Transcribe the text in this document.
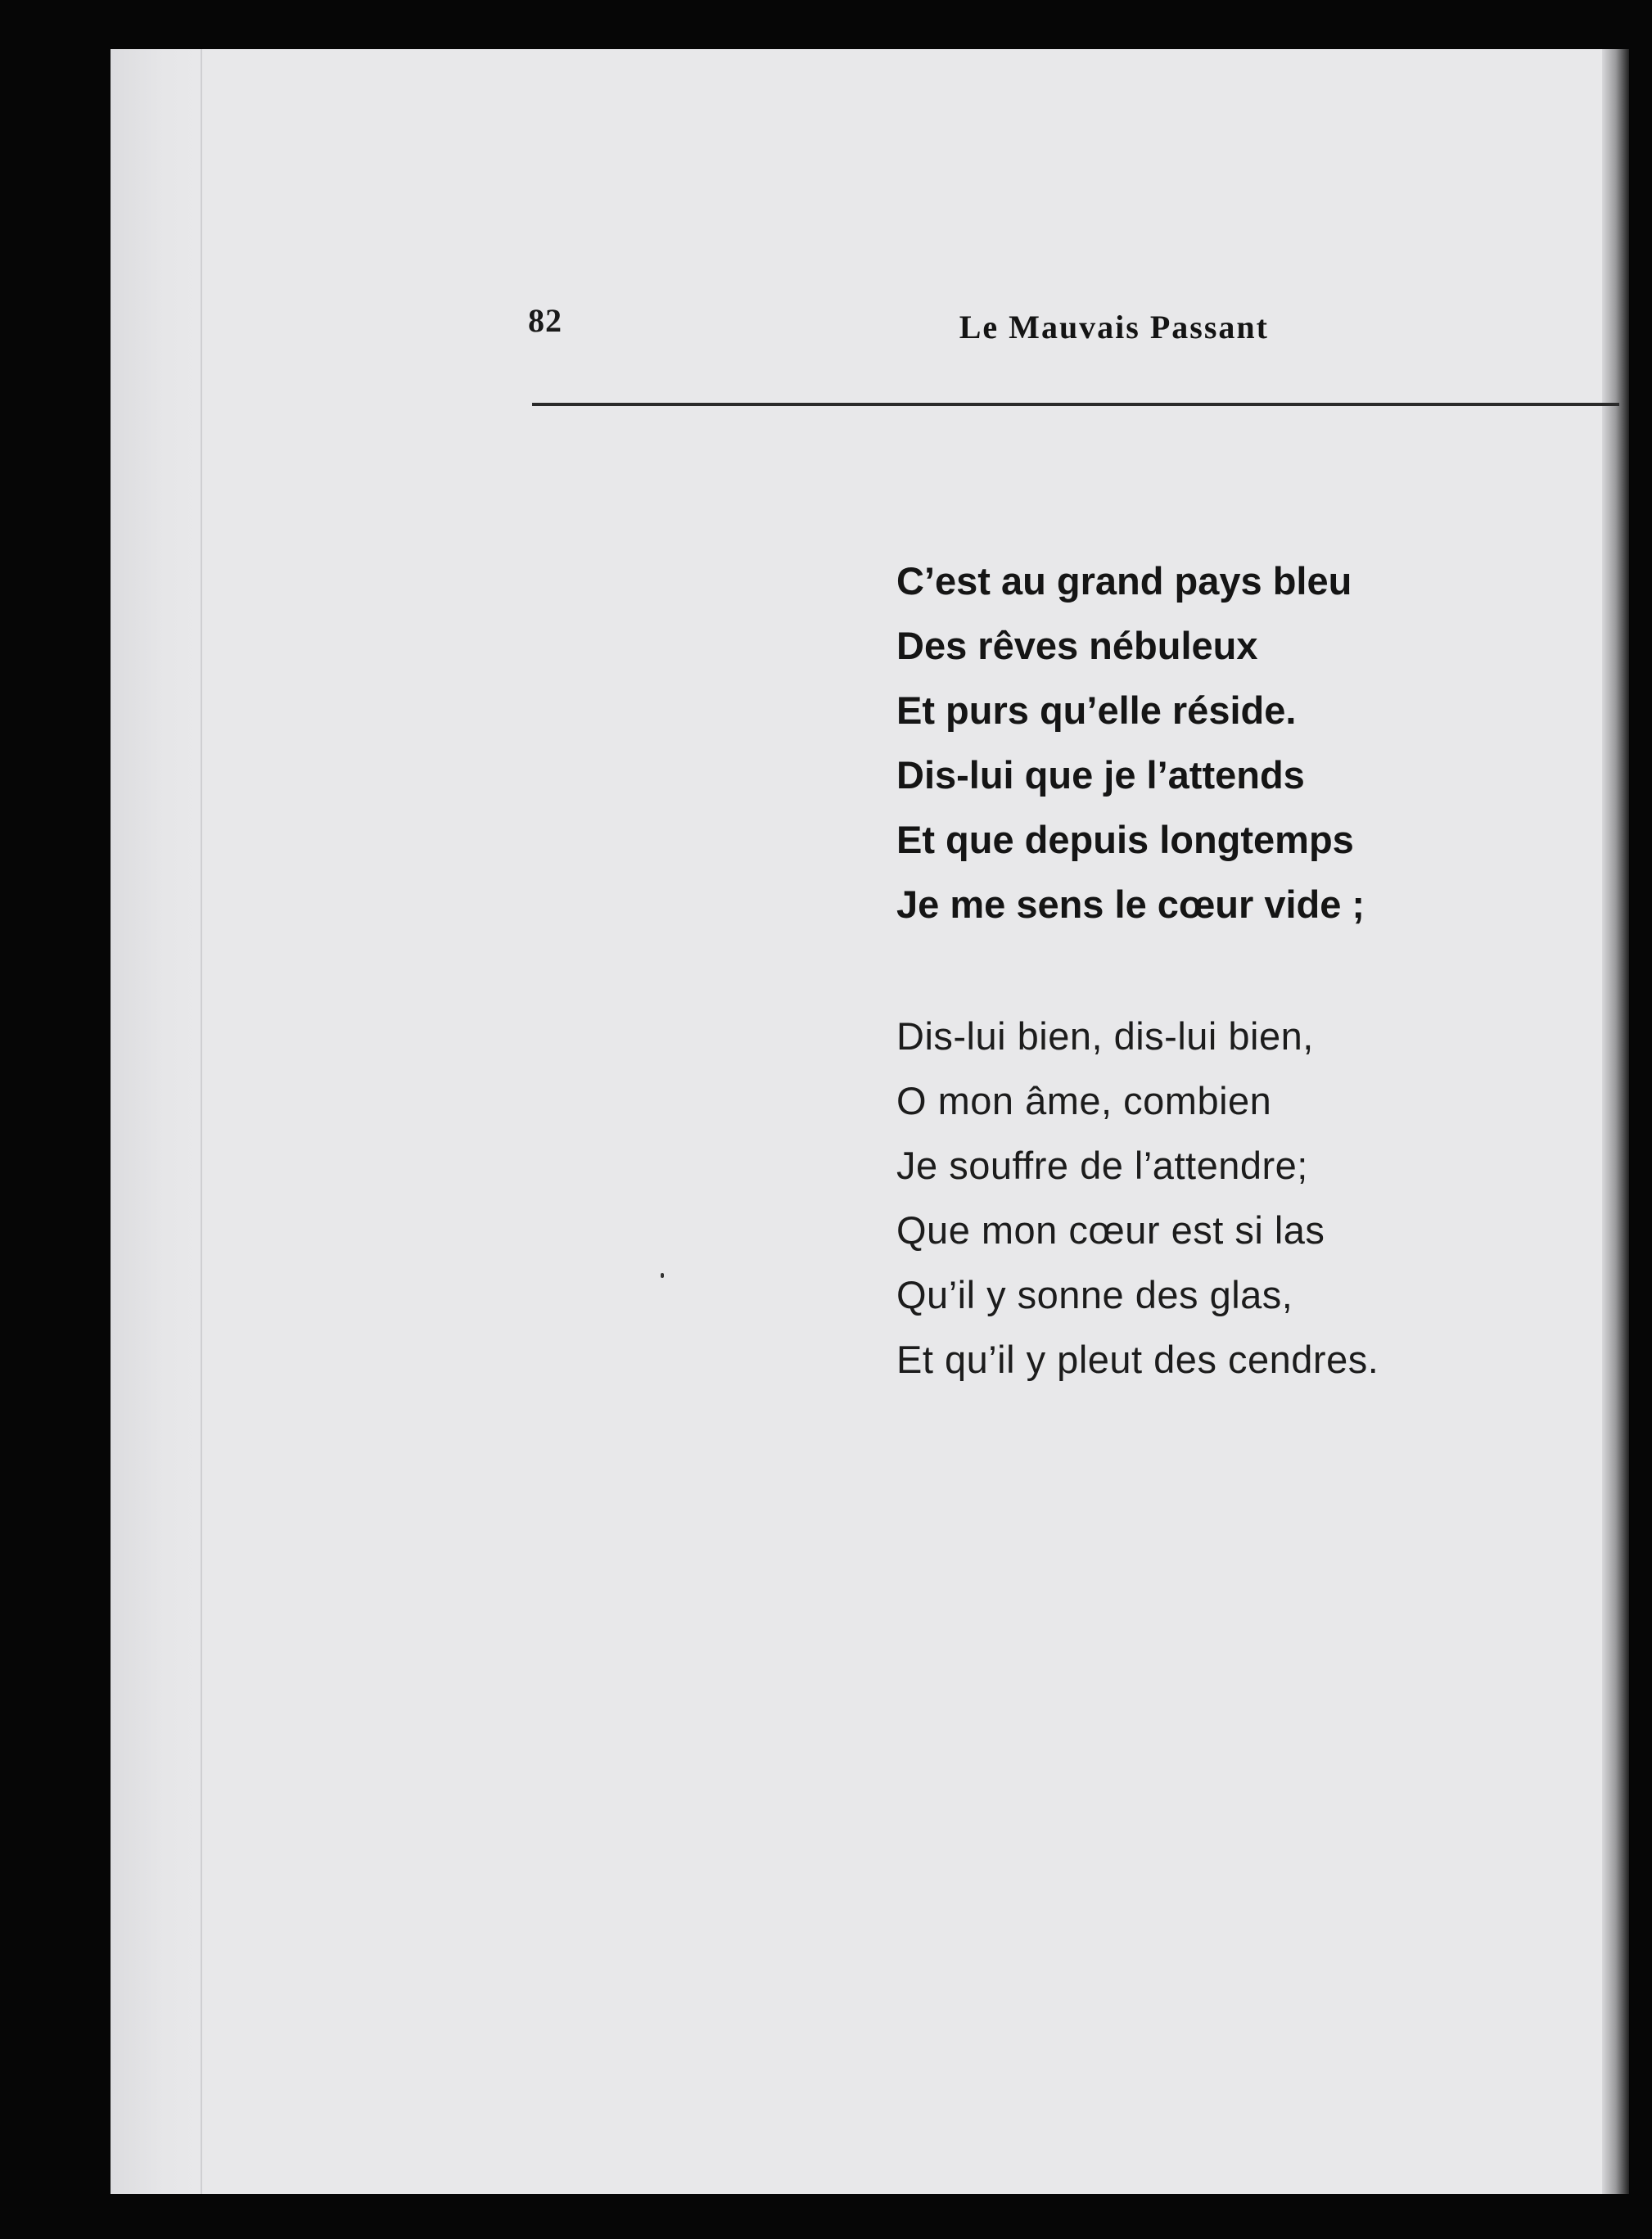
82	Le Mauvais Passant
C’est au grand pays bleu
Des rêves nébuleux
Et purs qu’elle réside.
Dis-lui que je l’attends
Et que depuis longtemps
Je me sens le cœur vide ;
Dis-lui bien, dis-lui bien,
O mon âme, combien
Je souffre de l’attendre;
Que mon cœur est si las
Qu’il y sonne des glas,
Et qu’il y pleut des cendres.
